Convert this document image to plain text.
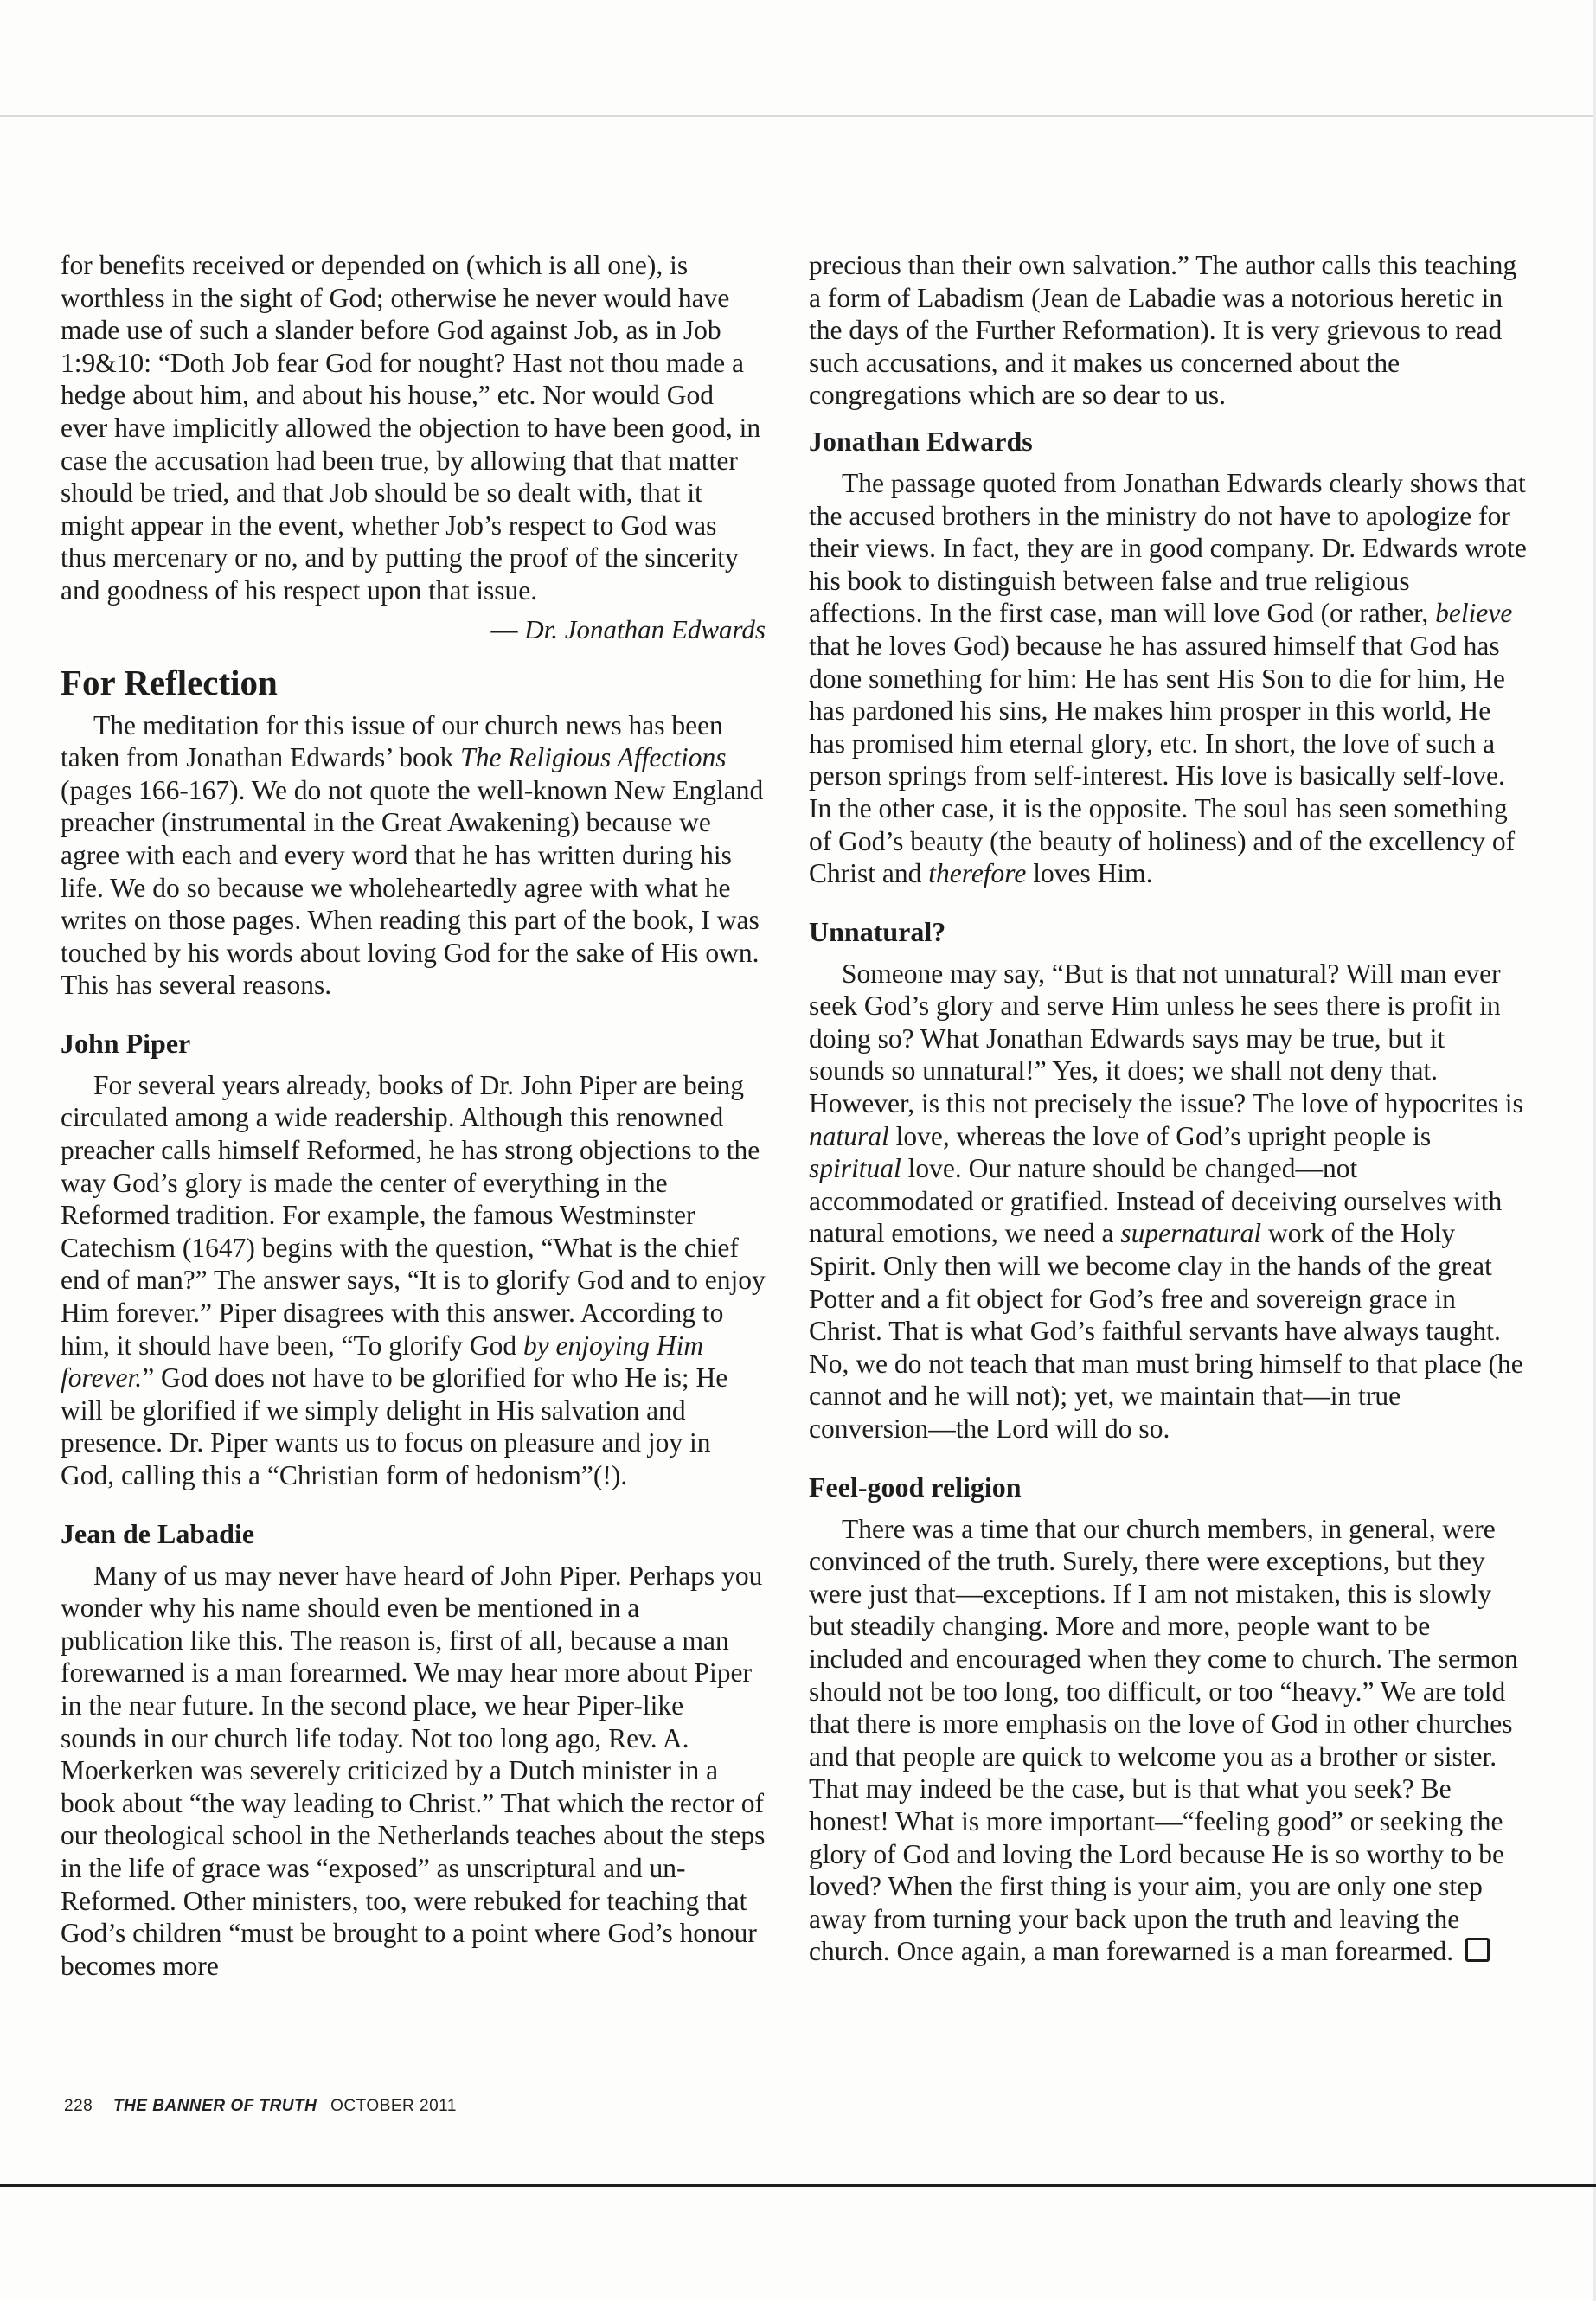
for benefits received or depended on (which is all one), is worthless in the sight of God; otherwise he never would have made use of such a slander before God against Job, as in Job 1:9&10: “Doth Job fear God for nought? Hast not thou made a hedge about him, and about his house,” etc. Nor would God ever have implicitly allowed the objection to have been good, in case the accusation had been true, by allowing that that matter should be tried, and that Job should be so dealt with, that it might appear in the event, whether Job’s respect to God was thus mercenary or no, and by putting the proof of the sincerity and goodness of his respect upon that issue.

— Dr. Jonathan Edwards
For Reflection

The meditation for this issue of our church news has been taken from Jonathan Edwards’ book The Religious Affections (pages 166-167). We do not quote the well-known New England preacher (instrumental in the Great Awakening) because we agree with each and every word that he has written during his life. We do so because we wholeheartedly agree with what he writes on those pages. When reading this part of the book, I was touched by his words about loving God for the sake of His own. This has several reasons.

John Piper

For several years already, books of Dr. John Piper are being circulated among a wide readership. Although this renowned preacher calls himself Reformed, he has strong objections to the way God’s glory is made the center of everything in the Reformed tradition. For example, the famous Westminster Catechism (1647) begins with the question, “What is the chief end of man?” The answer says, “It is to glorify God and to enjoy Him forever.” Piper disagrees with this answer. According to him, it should have been, “To glorify God by enjoying Him forever.” God does not have to be glorified for who He is; He will be glorified if we simply delight in His salvation and presence. Dr. Piper wants us to focus on pleasure and joy in God, calling this a “Christian form of hedonism”(!).

Jean de Labadie

Many of us may never have heard of John Piper. Perhaps you wonder why his name should even be mentioned in a publication like this. The reason is, first of all, because a man forewarned is a man forearmed. We may hear more about Piper in the near future. In the second place, we hear Piper-like sounds in our church life today. Not too long ago, Rev. A. Moerkerken was severely criticized by a Dutch minister in a book about “the way leading to Christ.” That which the rector of our theological school in the Netherlands teaches about the steps in the life of grace was “exposed” as unscriptural and un-Reformed. Other ministers, too, were rebuked for teaching that God’s children “must be brought to a point where God’s honour becomes more

precious than their own salvation.” The author calls this teaching a form of Labadism (Jean de Labadie was a notorious heretic in the days of the Further Reformation). It is very grievous to read such accusations, and it makes us concerned about the congregations which are so dear to us.

Jonathan Edwards

The passage quoted from Jonathan Edwards clearly shows that the accused brothers in the ministry do not have to apologize for their views. In fact, they are in good company. Dr. Edwards wrote his book to distinguish between false and true religious affections. In the first case, man will love God (or rather, believe that he loves God) because he has assured himself that God has done something for him: He has sent His Son to die for him, He has pardoned his sins, He makes him prosper in this world, He has promised him eternal glory, etc. In short, the love of such a person springs from self-interest. His love is basically self-love.

In the other case, it is the opposite. The soul has seen something of God’s beauty (the beauty of holiness) and of the excellency of Christ and therefore loves Him.

Unnatural?

Someone may say, “But is that not unnatural? Will man ever seek God’s glory and serve Him unless he sees there is profit in doing so? What Jonathan Edwards says may be true, but it sounds so unnatural!” Yes, it does; we shall not deny that. However, is this not precisely the issue? The love of hypocrites is natural love, whereas the love of God’s upright people is spiritual love. Our nature should be changed—not accommodated or gratified. Instead of deceiving ourselves with natural emotions, we need a supernatural work of the Holy Spirit. Only then will we become clay in the hands of the great Potter and a fit object for God’s free and sovereign grace in Christ. That is what God’s faithful servants have always taught. No, we do not teach that man must bring himself to that place (he cannot and he will not); yet, we maintain that—in true conversion—the Lord will do so.

Feel-good religion

There was a time that our church members, in general, were convinced of the truth. Surely, there were exceptions, but they were just that—exceptions. If I am not mistaken, this is slowly but steadily changing. More and more, people want to be included and encouraged when they come to church. The sermon should not be too long, too difficult, or too “heavy.” We are told that there is more emphasis on the love of God in other churches and that people are quick to welcome you as a brother or sister. That may indeed be the case, but is that what you seek? Be honest! What is more important—“feeling good” or seeking the glory of God and loving the Lord because He is so worthy to be loved? When the first thing is your aim, you are only one step away from turning your back upon the truth and leaving the church. Once again, a man forewarned is a man forearmed.

228 THE BANNER OF TRUTH OCTOBER 2011
